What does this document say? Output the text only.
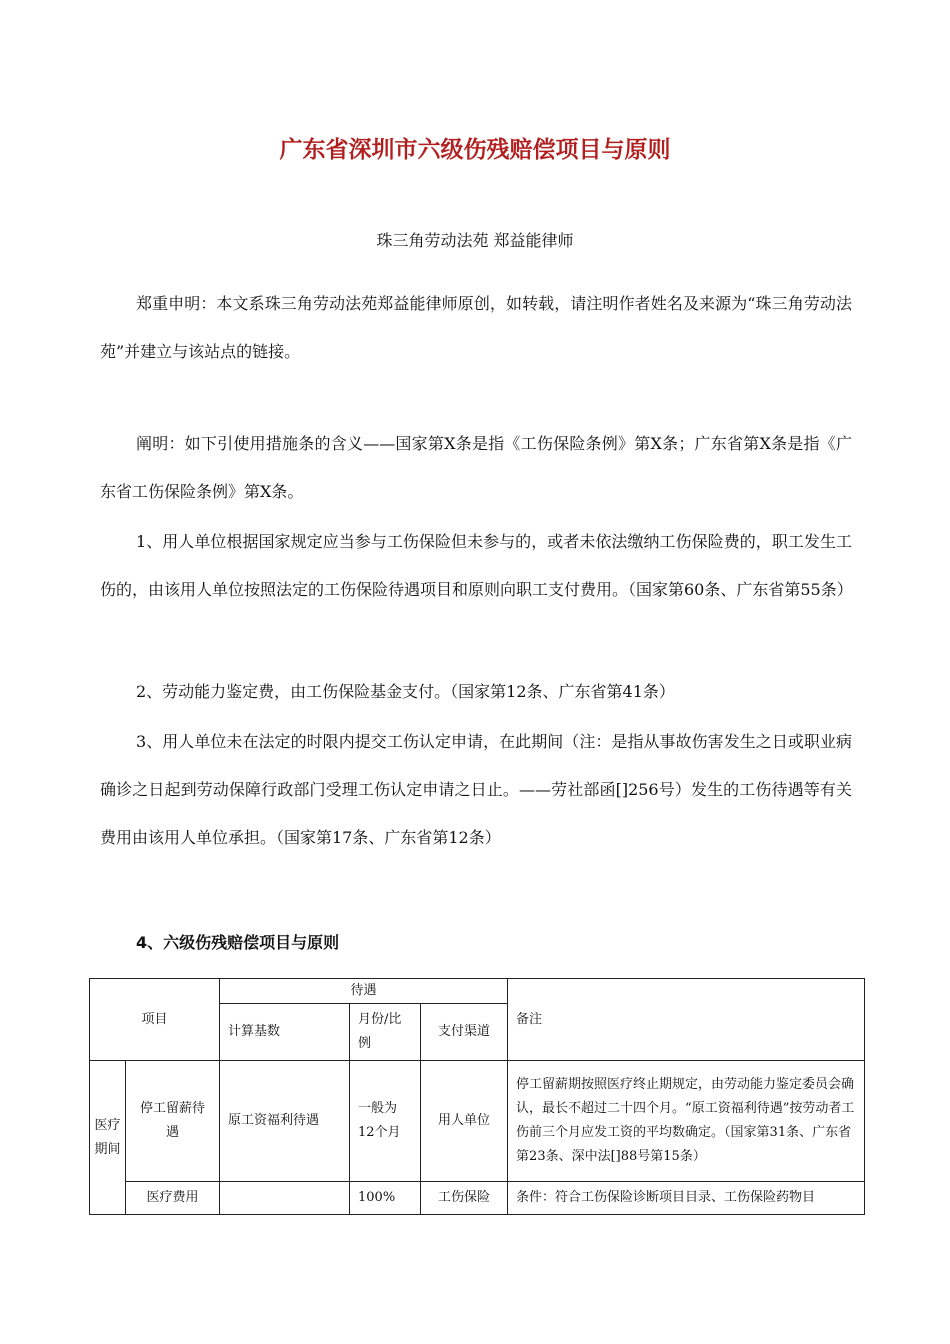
广东省深圳市六级伤残赔偿项目与原则
珠三角劳动法苑 郑益能律师

郑重申明：本文系珠三角劳动法苑郑益能律师原创，如转载，请注明作者姓名及来源为“珠三角劳动法苑”并建立与该站点的链接。

阐明：如下引使用措施条的含义——国家第X条是指《工伤保险条例》第X条；广东省第X条是指《广东省工伤保险条例》第X条。

1、用人单位根据国家规定应当参与工伤保险但未参与的，或者未依法缴纳工伤保险费的，职工发生工伤的，由该用人单位按照法定的工伤保险待遇项目和原则向职工支付费用。（国家第60条、广东省第55条）

2、劳动能力鉴定费，由工伤保险基金支付。（国家第12条、广东省第41条）

3、用人单位未在法定的时限内提交工伤认定申请，在此期间（注：是指从事故伤害发生之日或职业病确诊之日起到劳动保障行政部门受理工伤认定申请之日止。——劳社部函[]256号）发生的工伤待遇等有关费用由该用人单位承担。（国家第17条、广东省第12条）

4、六级伤残赔偿项目与原则
项目		待遇			备注
		计算基数	月份/比例	支付渠道	
医疗期间	停工留薪待遇	原工资福利待遇	一般为12个月	用人单位	停工留薪期按照医疗终止期规定，由劳动能力鉴定委员会确认，最长不超过二十四个月。“原工资福利待遇”按劳动者工伤前三个月应发工资的平均数确定。（国家第31条、广东省第23条、深中法[]88号第15条）
	医疗费用		100%	工伤保险	条件：符合工伤保险诊断项目目录、工伤保险药物目
